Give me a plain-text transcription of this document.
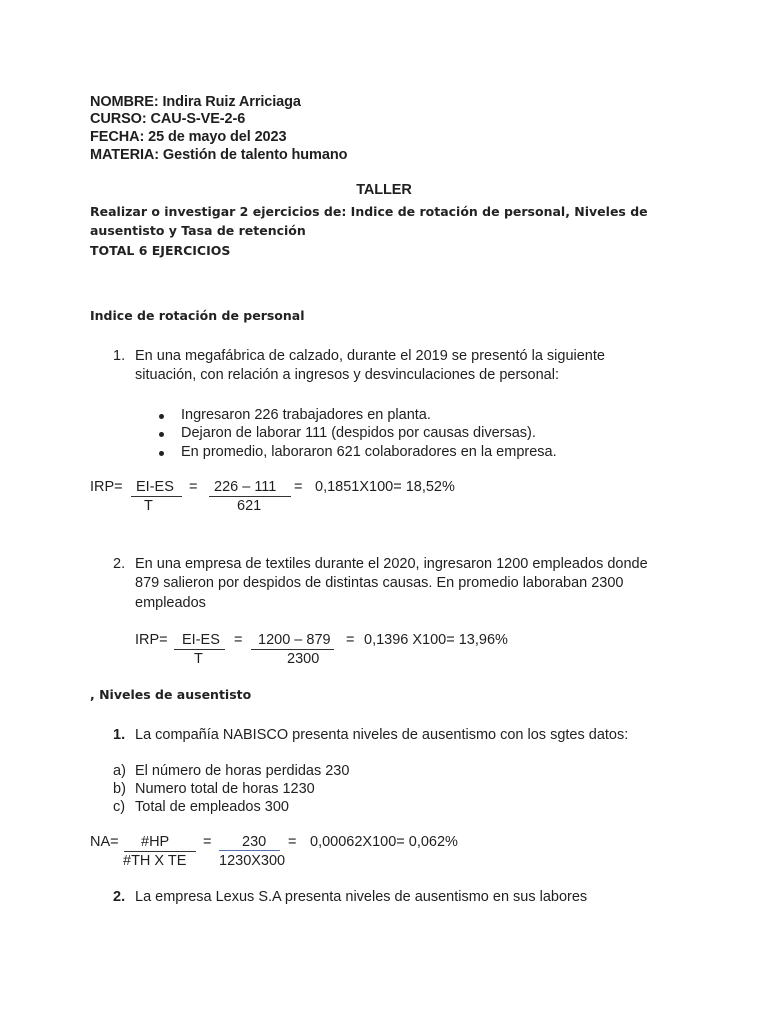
NOMBRE: Indira Ruiz Arriciaga
CURSO: CAU-S-VE-2-6
FECHA: 25 de mayo del 2023
MATERIA: Gestión de talento humano
TALLER
Realizar o investigar 2 ejercicios de: Indice de rotación de personal, Niveles de
ausentisto y Tasa de retención
TOTAL 6 EJERCICIOS
Indice de rotación de personal
1. En una megafábrica de calzado, durante el 2019 se presentó la siguiente
situación, con relación a ingresos y desvinculaciones de personal:
Ingresaron 226 trabajadores en planta.
Dejaron de laborar 111 (despidos por causas diversas).
En promedio, laboraron 621 colaboradores en la empresa.
IRP= EI-ES
T
= 226 – 111
621
= 0,1851X100= 18,52%
2. En una empresa de textiles durante el 2020, ingresaron 1200 empleados donde
879 salieron por despidos de distintas causas. En promedio laboraban 2300
empleados
IRP= EI-ES
T
= 1200 – 879
2300
= 0,1396 X100= 13,96%
, Niveles de ausentisto
1. La compañía NABISCO presenta niveles de ausentismo con los sgtes datos:
a) El número de horas perdidas 230
b) Numero total de horas 1230
c) Total de empleados 300
NA= #HP
#TH X TE
= 230
1230X300
= 0,00062X100= 0,062%
2. La empresa Lexus S.A presenta niveles de ausentismo en sus labores
